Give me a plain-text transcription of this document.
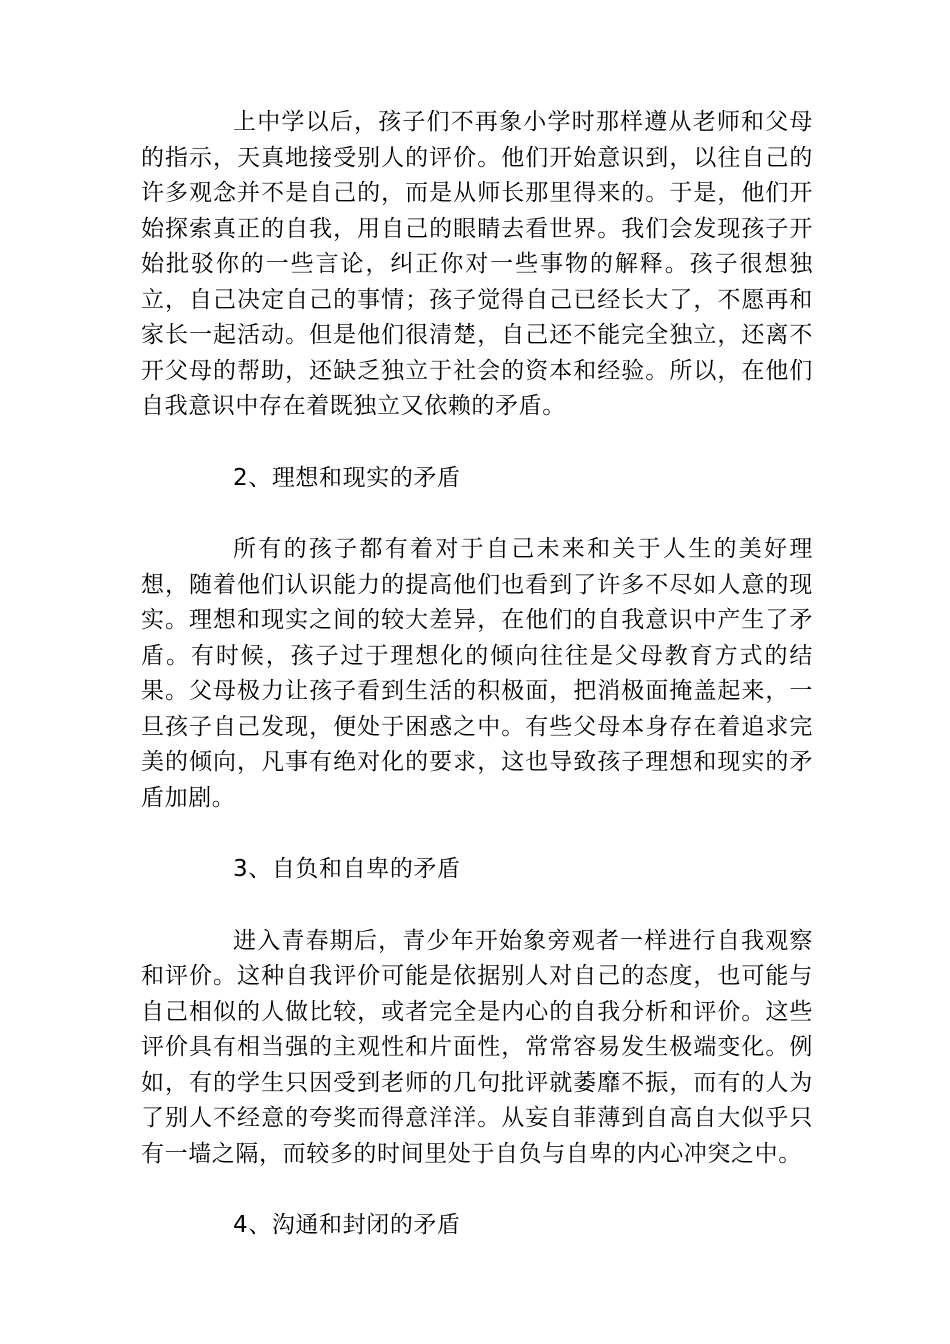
上中学以后，孩子们不再象小学时那样遵从老师和父母的指示，天真地接受别人的评价。他们开始意识到，以往自己的许多观念并不是自己的，而是从师长那里得来的。于是，他们开始探索真正的自我，用自己的眼睛去看世界。我们会发现孩子开始批驳你的一些言论，纠正你对一些事物的解释。孩子很想独立，自己决定自己的事情；孩子觉得自己已经长大了，不愿再和家长一起活动。但是他们很清楚，自己还不能完全独立，还离不开父母的帮助，还缺乏独立于社会的资本和经验。所以，在他们自我意识中存在着既独立又依赖的矛盾。

2、理想和现实的矛盾

所有的孩子都有着对于自己未来和关于人生的美好理想，随着他们认识能力的提高他们也看到了许多不尽如人意的现实。理想和现实之间的较大差异，在他们的自我意识中产生了矛盾。有时候，孩子过于理想化的倾向往往是父母教育方式的结果。父母极力让孩子看到生活的积极面，把消极面掩盖起来，一旦孩子自己发现，便处于困惑之中。有些父母本身存在着追求完美的倾向，凡事有绝对化的要求，这也导致孩子理想和现实的矛盾加剧。

3、自负和自卑的矛盾

进入青春期后，青少年开始象旁观者一样进行自我观察和评价。这种自我评价可能是依据别人对自己的态度，也可能与自己相似的人做比较，或者完全是内心的自我分析和评价。这些评价具有相当强的主观性和片面性，常常容易发生极端变化。例如，有的学生只因受到老师的几句批评就萎靡不振，而有的人为了别人不经意的夸奖而得意洋洋。从妄自菲薄到自高自大似乎只有一墙之隔，而较多的时间里处于自负与自卑的内心冲突之中。

4、沟通和封闭的矛盾
